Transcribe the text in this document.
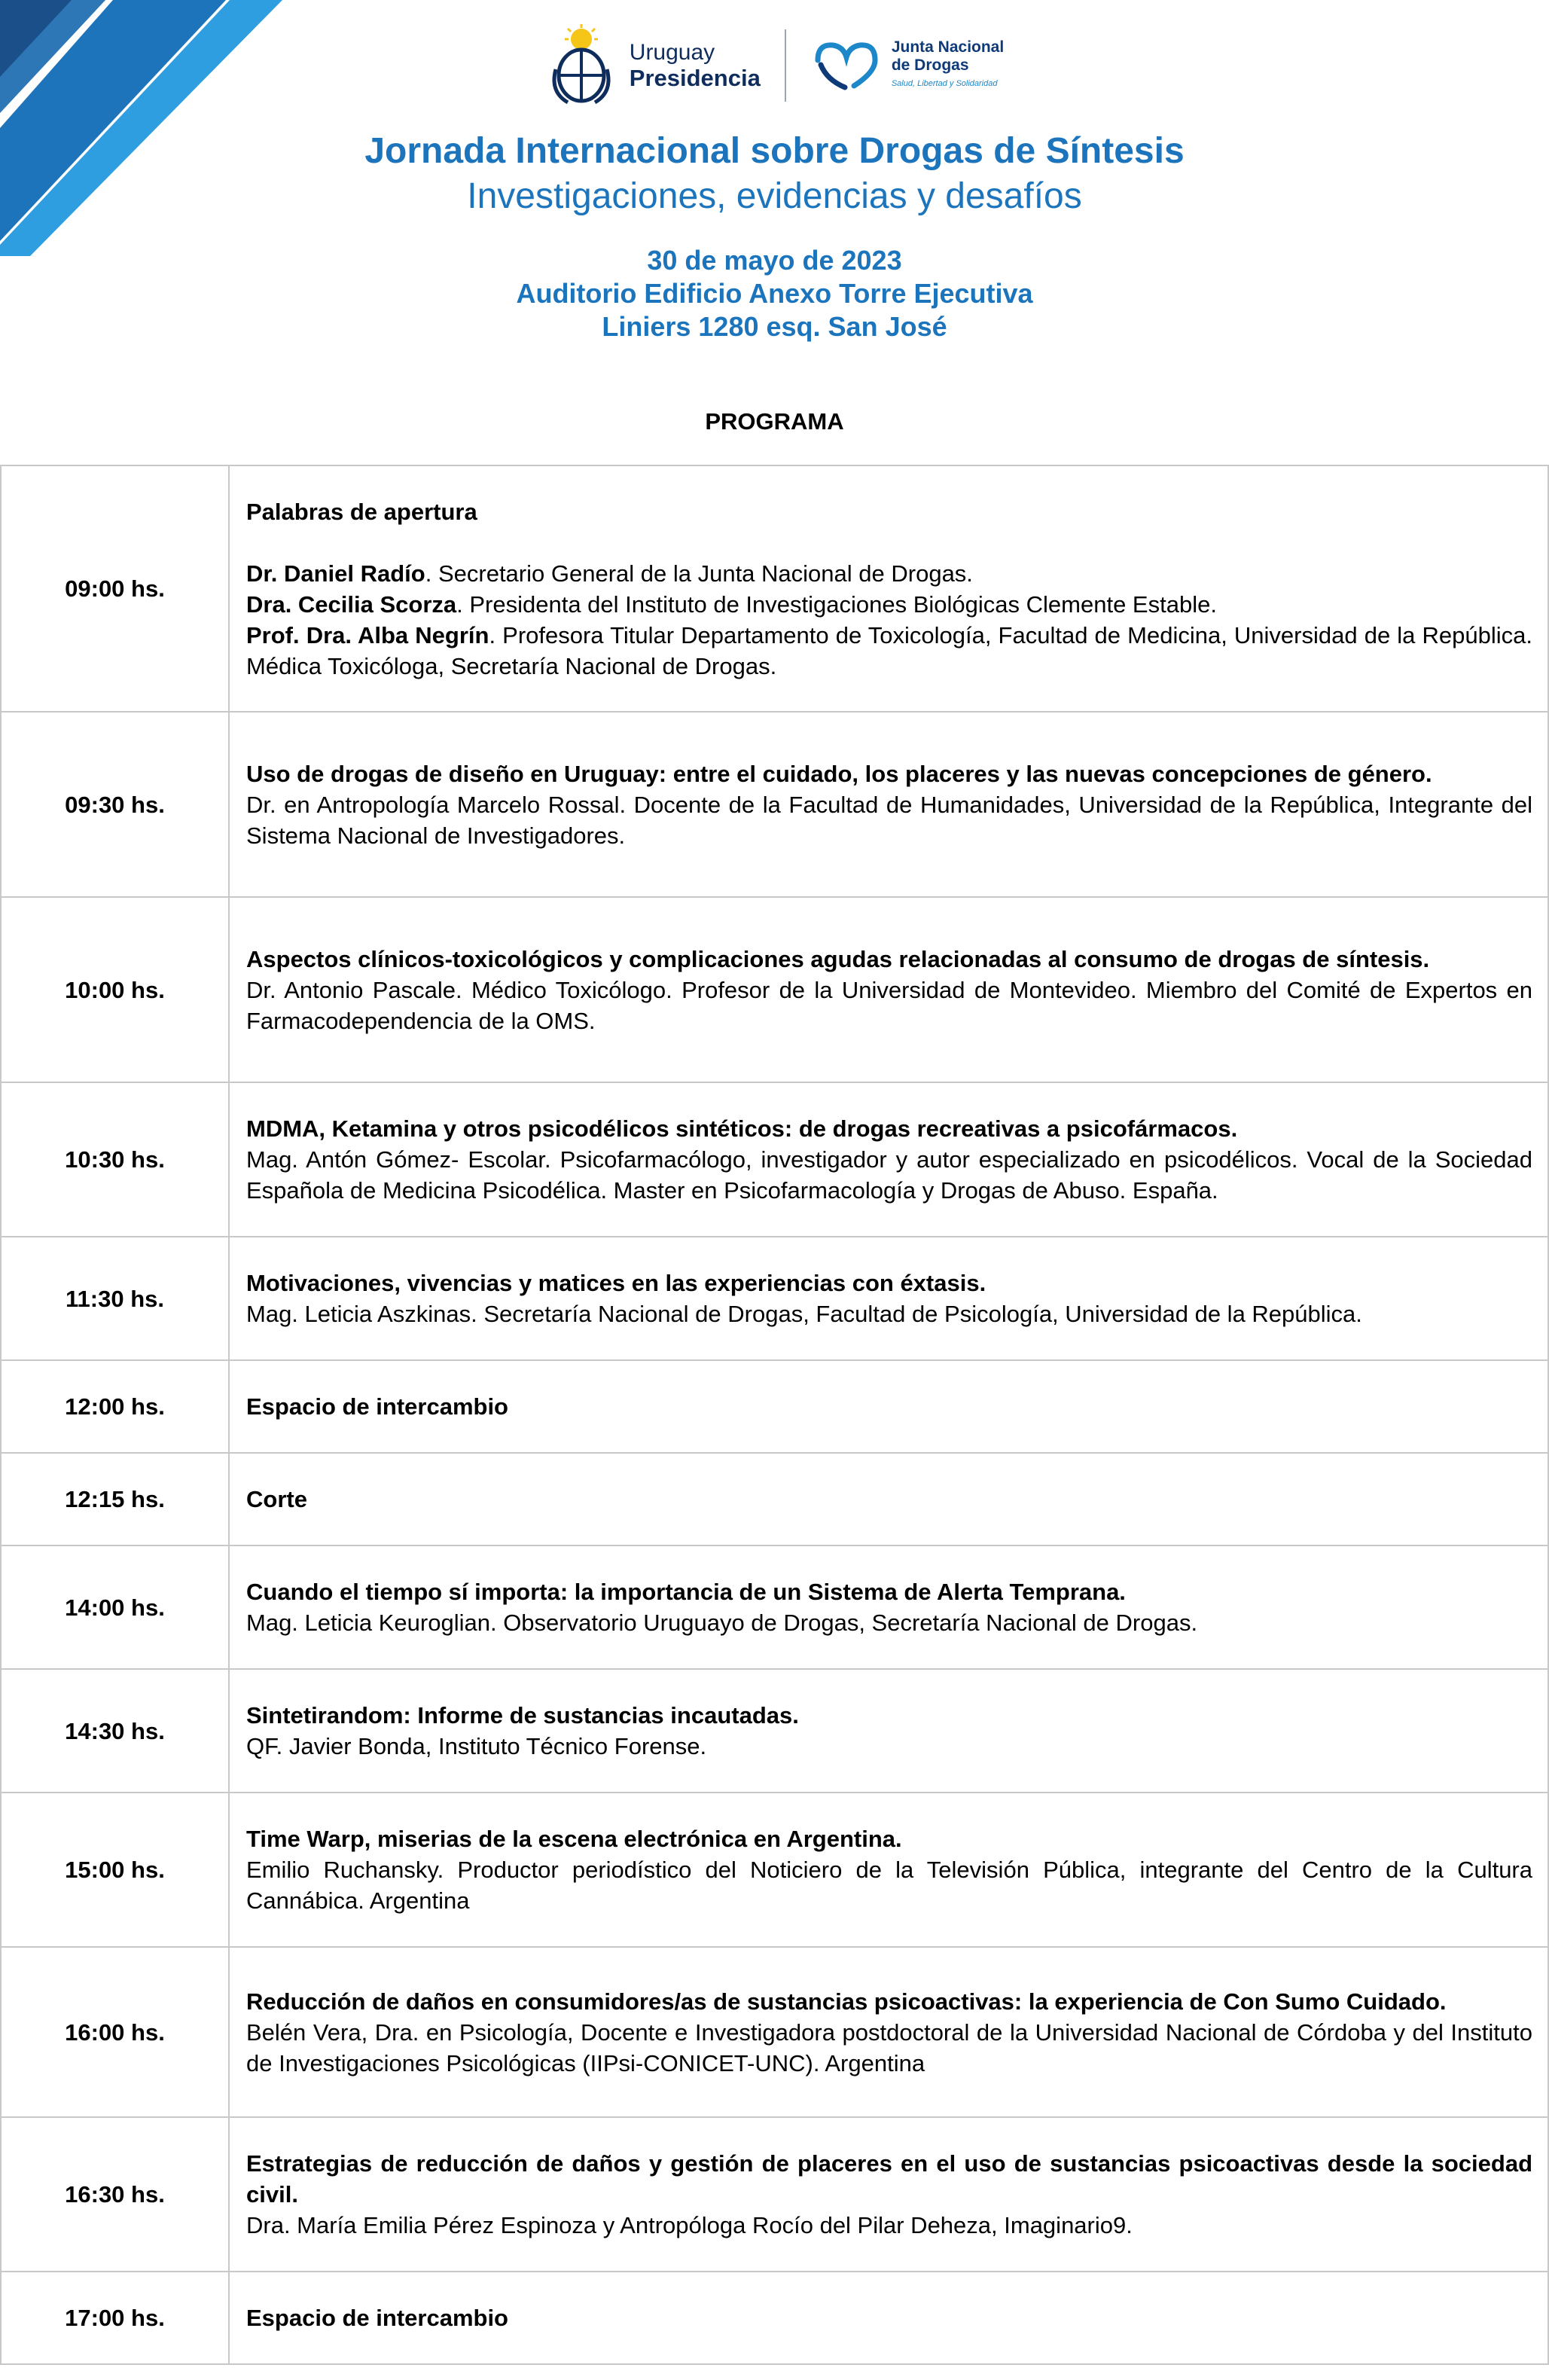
Uruguay
Presidencia
Junta Nacional
de Drogas
Salud, Libertad y Solidaridad
Jornada Internacional sobre Drogas de Síntesis
Investigaciones, evidencias y desafíos
30 de mayo de 2023
Auditorio Edificio Anexo Torre Ejecutiva
Liniers 1280 esq. San José
PROGRAMA
09:00 hs.	Palabras de apertura
Dr. Daniel Radío. Secretario General de la Junta Nacional de Drogas.
Dra. Cecilia Scorza. Presidenta del Instituto de Investigaciones Biológicas Clemente Estable.
Prof. Dra. Alba Negrín. Profesora Titular Departamento de Toxicología, Facultad de Medicina, Universidad de la República. Médica Toxicóloga, Secretaría Nacional de Drogas.

09:30 hs.	Uso de drogas de diseño en Uruguay: entre el cuidado, los placeres y las nuevas concepciones de género.
Dr. en Antropología Marcelo Rossal. Docente de la Facultad de Humanidades, Universidad de la República, Integrante del Sistema Nacional de Investigadores.
10:00 hs.	Aspectos clínicos-toxicológicos y complicaciones agudas relacionadas al consumo de drogas de síntesis.
Dr. Antonio Pascale. Médico Toxicólogo. Profesor de la Universidad de Montevideo. Miembro del Comité de Expertos en Farmacodependencia de la OMS.
10:30 hs.	MDMA, Ketamina y otros psicodélicos sintéticos: de drogas recreativas a psicofármacos.
Mag. Antón Gómez- Escolar. Psicofarmacólogo, investigador y autor especializado en psicodélicos. Vocal de la Sociedad Española de Medicina Psicodélica. Master en Psicofarmacología y Drogas de Abuso. España.
11:30 hs.	Motivaciones, vivencias y matices en las experiencias con éxtasis.
Mag. Leticia Aszkinas. Secretaría Nacional de Drogas, Facultad de Psicología, Universidad de la República.
12:00 hs.	Espacio de intercambio

12:15 hs.	Corte

14:00 hs.	Cuando el tiempo sí importa: la importancia de un Sistema de Alerta Temprana.
Mag. Leticia Keuroglian. Observatorio Uruguayo de Drogas, Secretaría Nacional de Drogas.
14:30 hs.	Sintetirandom: Informe de sustancias incautadas.
QF. Javier Bonda, Instituto Técnico Forense.
15:00 hs.	Time Warp, miserias de la escena electrónica en Argentina.
Emilio Ruchansky. Productor periodístico del Noticiero de la Televisión Pública, integrante del Centro de la Cultura Cannábica. Argentina
16:00 hs.	Reducción de daños en consumidores/as de sustancias psicoactivas: la experiencia de Con Sumo Cuidado.
Belén Vera, Dra. en Psicología, Docente e Investigadora postdoctoral de la Universidad Nacional de Córdoba y del Instituto de Investigaciones Psicológicas (IIPsi-CONICET-UNC). Argentina
16:30 hs.	Estrategias de reducción de daños y gestión de placeres en el uso de sustancias psicoactivas desde la sociedad civil.
Dra. María Emilia Pérez Espinoza y Antropóloga Rocío del Pilar Deheza, Imaginario9.
17:00 hs.	Espacio de intercambio
